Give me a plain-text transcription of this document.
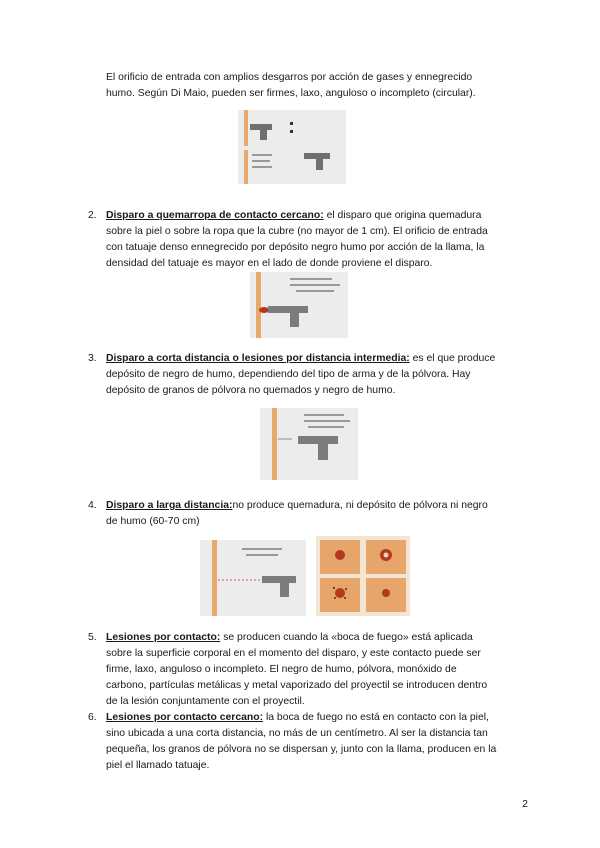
El orificio de entrada con amplios desgarros por acción de gases y ennegrecido
humo. Según Di Maio, pueden ser firmes, laxo, anguloso o incompleto (circular).
2. Disparo a quemarropa de contacto cercano: el disparo que origina quemadura
sobre la piel o sobre la ropa que la cubre (no mayor de 1 cm). El orificio de entrada
con tatuaje denso ennegrecido por depósito negro humo por acción de la llama, la
densidad del tatuaje es mayor en el lado de donde proviene el disparo.
3. Disparo a corta distancia o lesiones por distancia intermedia: es el que produce
depósito de negro de humo, dependiendo del tipo de arma y de la pólvora. Hay
depósito de granos de pólvora no quemados y negro de humo.
4. Disparo a larga distancia:no produce quemadura, ni depósito de pólvora ni negro
de humo (60-70 cm)
5. Lesiones por contacto: se producen cuando la «boca de fuego» está aplicada
sobre la superficie corporal en el momento del disparo, y este contacto puede ser
firme, laxo, anguloso o incompleto. El negro de humo, pólvora, monóxido de
carbono, partículas metálicas y metal vaporizado del proyectil se introducen dentro
de la lesión conjuntamente con el proyectil.
6. Lesiones por contacto cercano: la boca de fuego no está en contacto con la piel,
sino ubicada a una corta distancia, no más de un centímetro. Al ser la distancia tan
pequeña, los granos de pólvora no se dispersan y, junto con la llama, producen en la
piel el llamado tatuaje.
2
